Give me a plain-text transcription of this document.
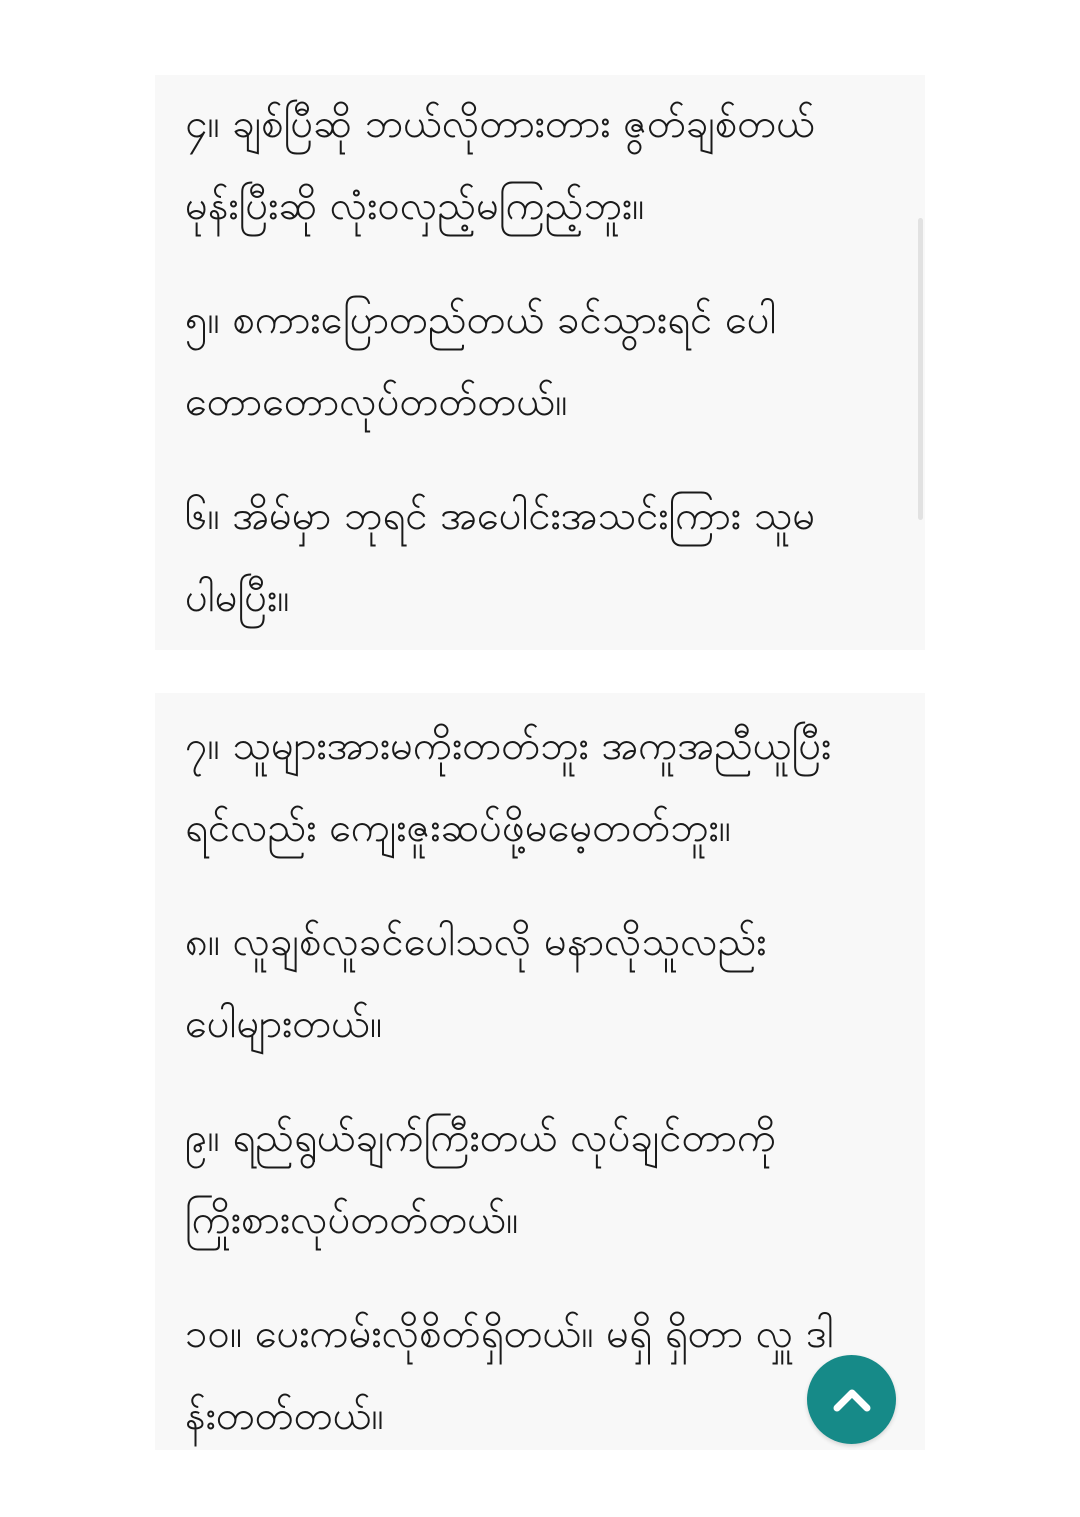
၄။ ချစ်ပြီဆို ဘယ်လိုတားတား ဇွတ်ချစ်တယ်
မုန်းပြီးဆို လုံးဝလှည့်မကြည့်ဘူး။

၅။ စကားပြောတည်တယ် ခင်သွားရင် ပေါ
တောတောလုပ်တတ်တယ်။

၆။ အိမ်မှာ ဘုရင် အပေါင်းအသင်းကြား သူမ
ပါမပြီး။

၇။ သူများအားမကိုးတတ်ဘူး အကူအညီယူပြီး
ရင်လည်း ကျေးဇူးဆပ်ဖို့မမေ့တတ်ဘူး။

၈။ လူချစ်လူခင်ပေါသလို မနာလိုသူလည်း
ပေါများတယ်။

၉။ ရည်ရွယ်ချက်ကြီးတယ် လုပ်ချင်တာကို
ကြိုးစားလုပ်တတ်တယ်။

၁၀။ ပေးကမ်းလိုစိတ်ရှိတယ်။ မရှိ ရှိတာ လှူ ဒါ
န်းတတ်တယ်။
